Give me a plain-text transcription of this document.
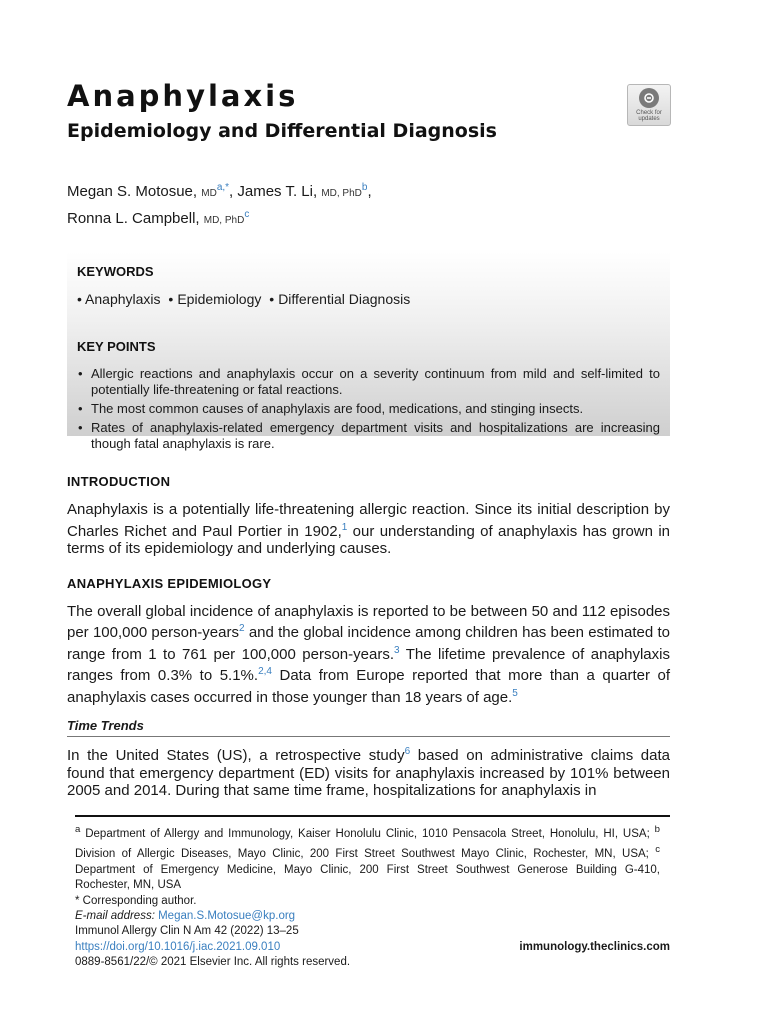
Check for
updates
Anaphylaxis
Epidemiology and Differential Diagnosis
Megan S. Motosue, $MD^{a,*}$, James T. Li, MD, PhD$^b$,
Ronna L. Campbell, MD, PhD$^c$
KEYWORDS
• Anaphylaxis • Epidemiology • Differential Diagnosis
KEY POINTS
• Allergic reactions and anaphylaxis occur on a severity continuum from mild and self-limited to potentially life-threatening or fatal reactions.
• The most common causes of anaphylaxis are food, medications, and stinging insects.
• Rates of anaphylaxis-related emergency department visits and hospitalizations are increasing though fatal anaphylaxis is rare.
INTRODUCTION

Anaphylaxis is a potentially life-threatening allergic reaction. Since its initial description by Charles Richet and Paul Portier in 1902,$^1$ our understanding of anaphylaxis has grown in terms of its epidemiology and underlying causes.

ANAPHYLAXIS EPIDEMIOLOGY

The overall global incidence of anaphylaxis is reported to be between 50 and 112 episodes per 100,000 person-years$^2$ and the global incidence among children has been estimated to range from 1 to 761 per 100,000 person-years.$^3$ The lifetime prevalence of anaphylaxis ranges from 0.3% to 5.1%.$^{2,4}$ Data from Europe reported that more than a quarter of anaphylaxis cases occurred in those younger than 18 years of age.$^5$

Time Trends

In the United States (US), a retrospective study$^6$ based on administrative claims data found that emergency department (ED) visits for anaphylaxis increased by 101% between 2005 and 2014. During that same time frame, hospitalizations for anaphylaxis in

$^a$ Department of Allergy and Immunology, Kaiser Honolulu Clinic, 1010 Pensacola Street, Honolulu, HI, USA; $^b$ Division of Allergic Diseases, Mayo Clinic, 200 First Street Southwest Mayo Clinic, Rochester, MN, USA; $^c$ Department of Emergency Medicine, Mayo Clinic, 200 First Street Southwest Generose Building G-410, Rochester, MN, USA

* Corresponding author.

E-mail address: Megan.S.Motosue@kp.org

Immunol Allergy Clin N Am 42 (2022) 13–25
https://doi.org/10.1016/j.iac.2021.09.010
0889-8561/22/© 2021 Elsevier Inc. All rights reserved.
immunology.theclinics.com
